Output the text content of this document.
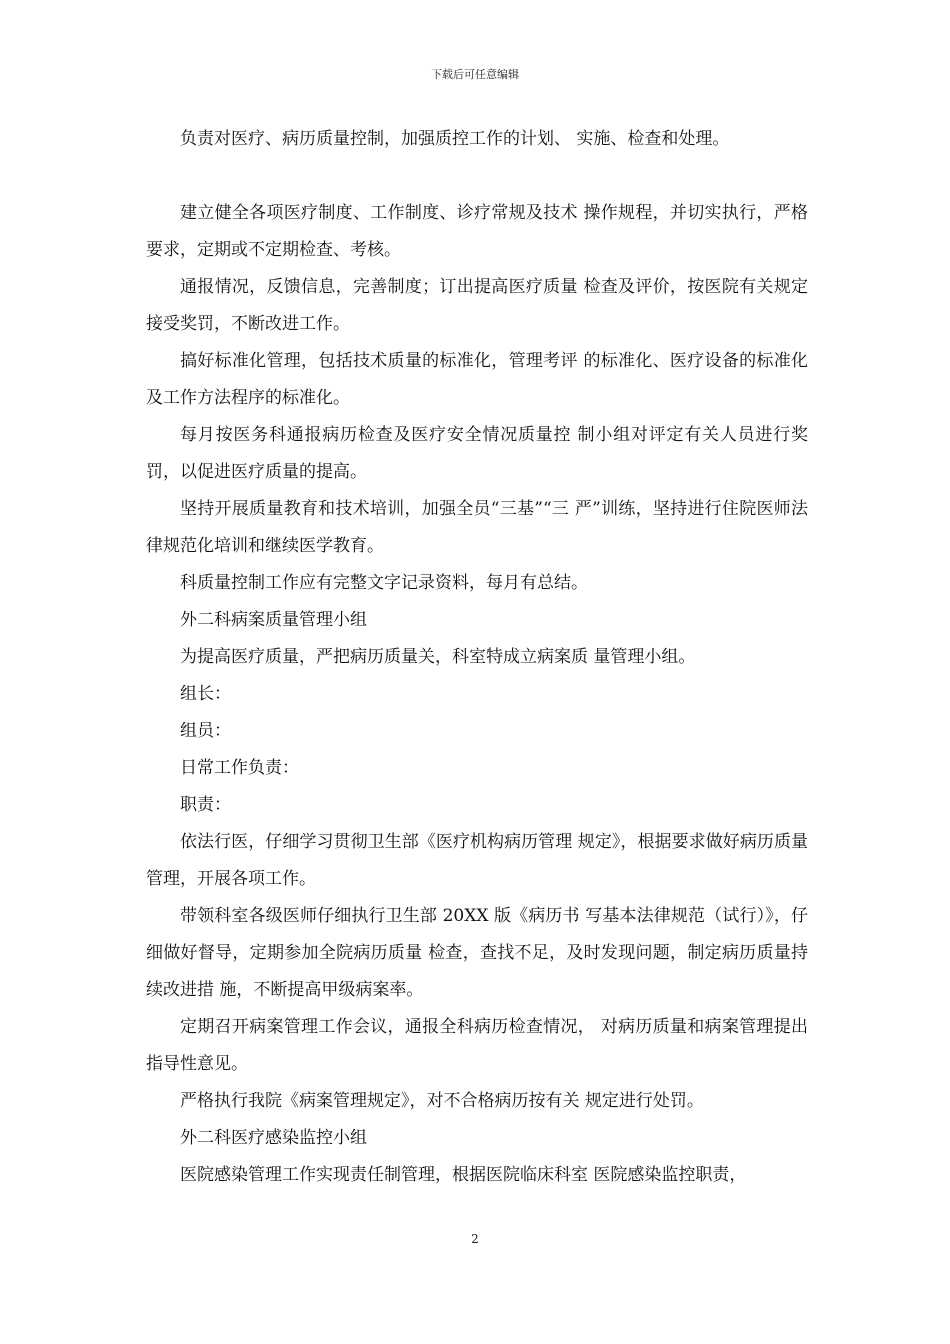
下载后可任意编辑

负责对医疗、病历质量控制，加强质控工作的计划、 实施、检查和处理。

建立健全各项医疗制度、工作制度、诊疗常规及技术 操作规程，并切实执行，严格要求，定期或不定期检查、考核。

通报情况，反馈信息，完善制度；订出提高医疗质量 检查及评价，按医院有关规定接受奖罚，不断改进工作。

搞好标准化管理，包括技术质量的标准化，管理考评 的标准化、医疗设备的标准化及工作方法程序的标准化。

每月按医务科通报病历检查及医疗安全情况质量控 制小组对评定有关人员进行奖罚，以促进医疗质量的提高。

坚持开展质量教育和技术培训，加强全员“三基”“三 严”训练，坚持进行住院医师法律规范化培训和继续医学教育。

科质量控制工作应有完整文字记录资料，每月有总结。

外二科病案质量管理小组

为提高医疗质量，严把病历质量关，科室特成立病案质 量管理小组。

组长：

组员：

日常工作负责：

职责：

依法行医，仔细学习贯彻卫生部《医疗机构病历管理 规定》，根据要求做好病历质量管理，开展各项工作。

带领科室各级医师仔细执行卫生部 20XX 版《病历书 写基本法律规范（试行）》，仔细做好督导，定期参加全院病历质量 检查，查找不足，及时发现问题，制定病历质量持续改进措 施，不断提高甲级病案率。

定期召开病案管理工作会议，通报全科病历检查情况， 对病历质量和病案管理提出指导性意见。

严格执行我院《病案管理规定》，对不合格病历按有关 规定进行处罚。

外二科医疗感染监控小组

医院感染管理工作实现责任制管理，根据医院临床科室 医院感染监控职责，

2
